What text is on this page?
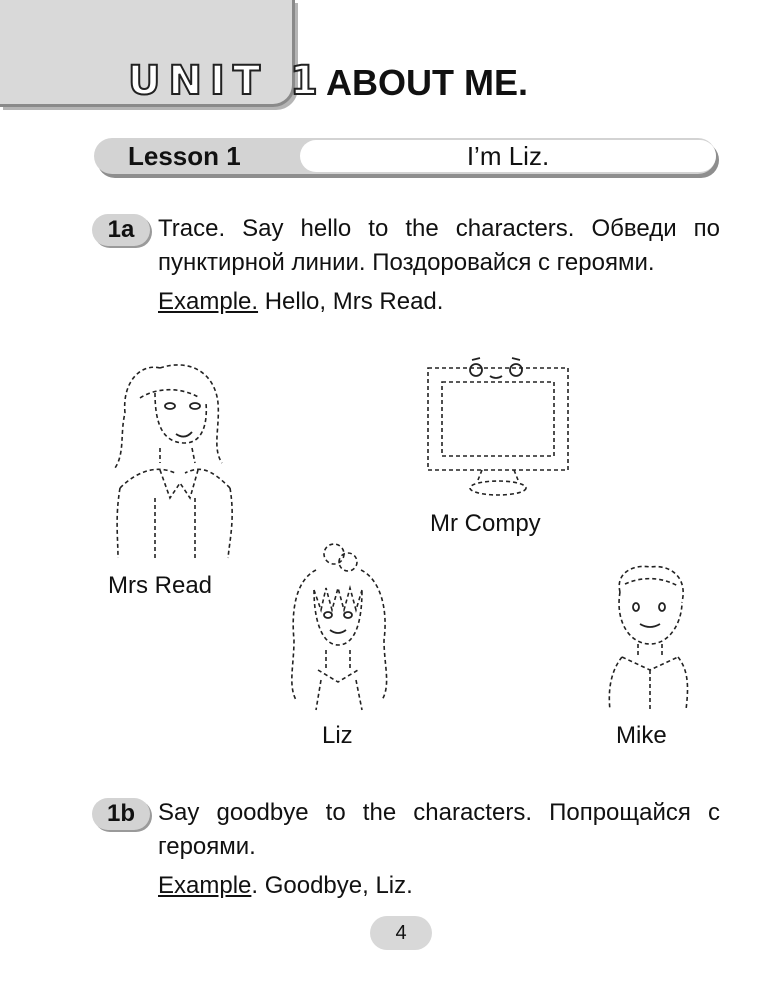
UNIT 1 ABOUT ME.
Lesson 1	I’m Liz.
1a Trace. Say hello to the characters. Обведи по пунктирной линии. Поздоровайся с героями.
Example. Hello, Mrs Read.
Mrs Read
Mr Compy
Liz	Mike
1b Say goodbye to the characters. Попрощайся с героями.
Example. Goodbye, Liz.
4
